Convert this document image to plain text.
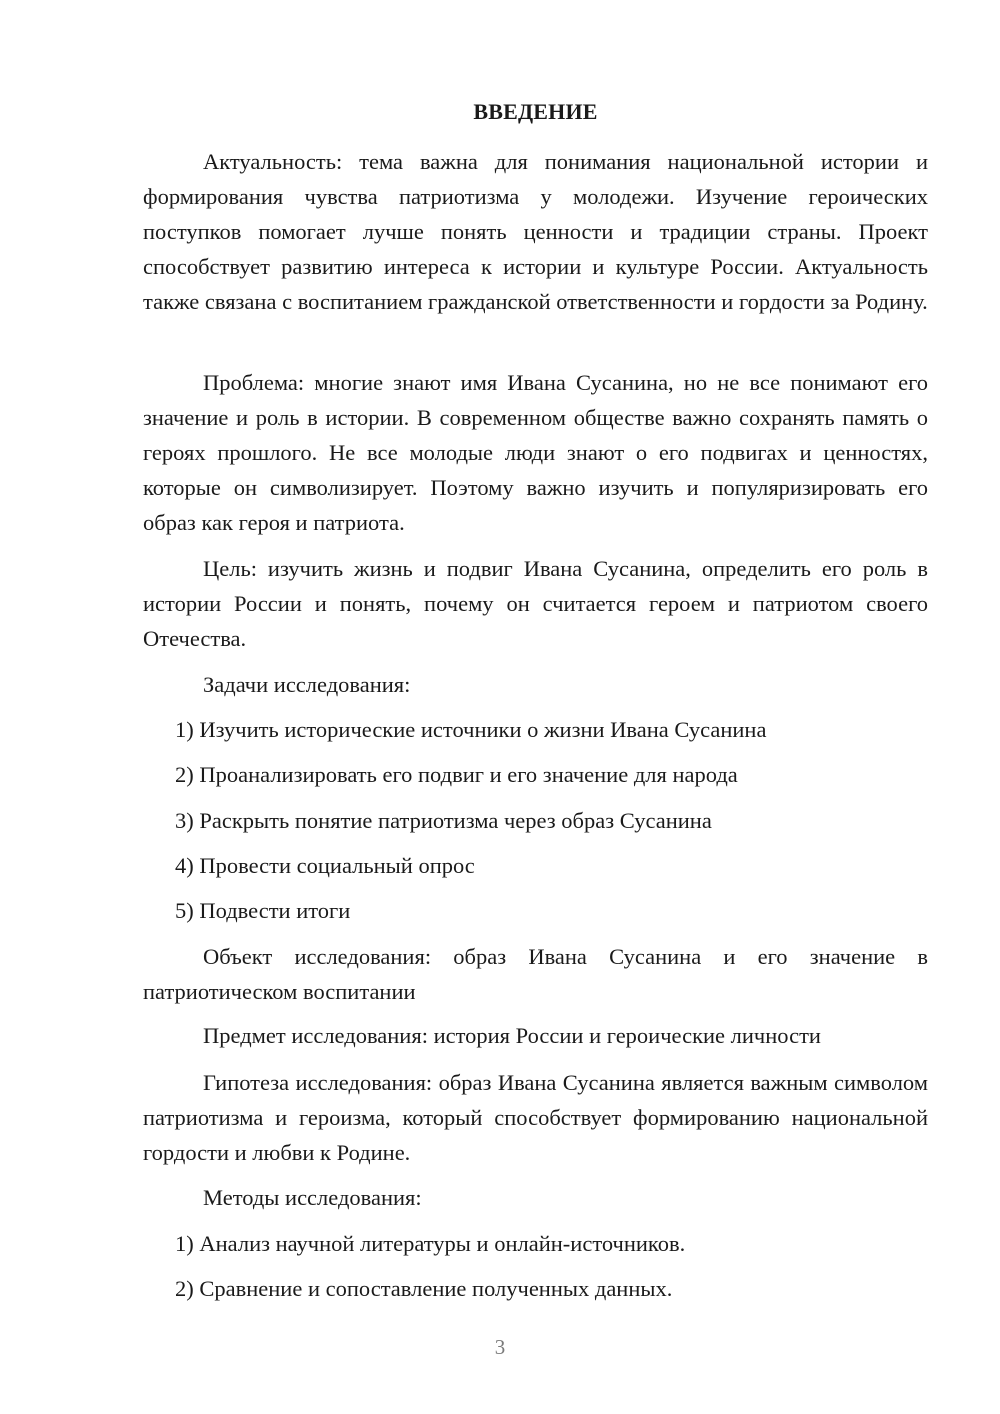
ВВЕДЕНИЕ

Актуальность: тема важна для понимания национальной истории и формирования чувства патриотизма у молодежи. Изучение героических поступков помогает лучше понять ценности и традиции страны. Проект способствует развитию интереса к истории и культуре России. Актуальность также связана с воспитанием гражданской ответственности и гордости за Родину.

Проблема: многие знают имя Ивана Сусанина, но не все понимают его значение и роль в истории. В современном обществе важно сохранять память о героях прошлого. Не все молодые люди знают о его подвигах и ценностях, которые он символизирует. Поэтому важно изучить и популяризировать его образ как героя и патриота.

Цель: изучить жизнь и подвиг Ивана Сусанина, определить его роль в истории России и понять, почему он считается героем и патриотом своего Отечества.

Задачи исследования:
1) Изучить исторические источники о жизни Ивана Сусанина
2) Проанализировать его подвиг и его значение для народа
3) Раскрыть понятие патриотизма через образ Сусанина
4) Провести социальный опрос
5) Подвести итоги

Объект исследования: образ Ивана Сусанина и его значение в патриотическом воспитании

Предмет исследования: история России и героические личности

Гипотеза исследования: образ Ивана Сусанина является важным символом патриотизма и героизма, который способствует формированию национальной гордости и любви к Родине.

Методы исследования:
1) Анализ научной литературы и онлайн-источников.
2) Сравнение и сопоставление полученных данных.
3
